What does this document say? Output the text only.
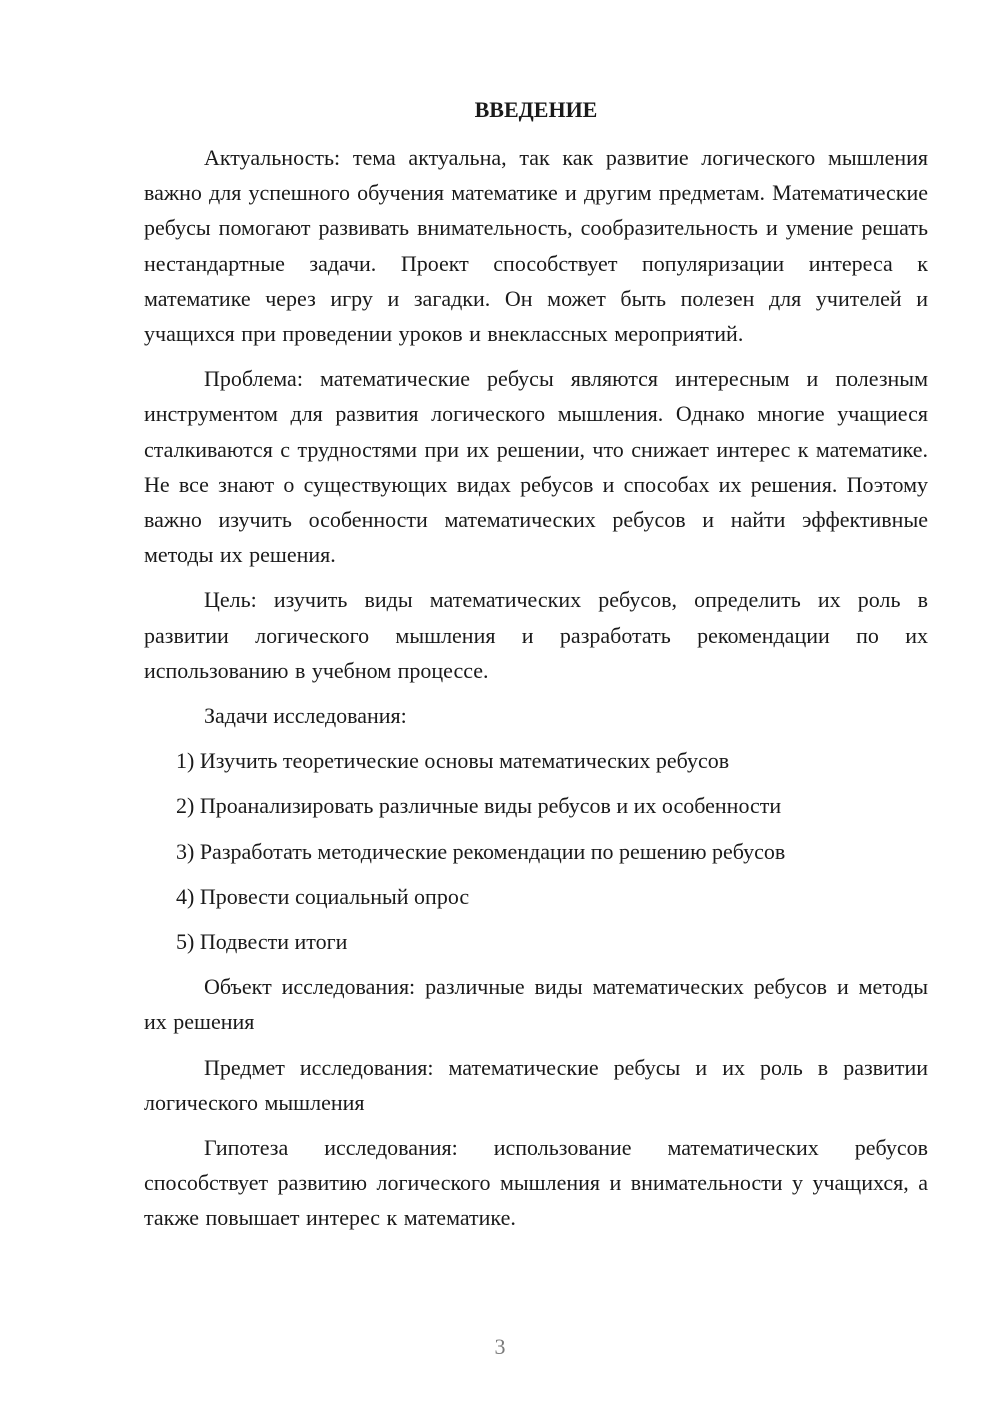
ВВЕДЕНИЕ

Актуальность: тема актуальна, так как развитие логического мышления важно для успешного обучения математике и другим предметам. Математические ребусы помогают развивать внимательность, сообразительность и умение решать нестандартные задачи. Проект способствует популяризации интереса к математике через игру и загадки. Он может быть полезен для учителей и учащихся при проведении уроков и внеклассных мероприятий.

Проблема: математические ребусы являются интересным и полезным инструментом для развития логического мышления. Однако многие учащиеся сталкиваются с трудностями при их решении, что снижает интерес к математике. Не все знают о существующих видах ребусов и способах их решения. Поэтому важно изучить особенности математических ребусов и найти эффективные методы их решения.

Цель: изучить виды математических ребусов, определить их роль в развитии логического мышления и разработать рекомендации по их использованию в учебном процессе.

Задачи исследования:

1) Изучить теоретические основы математических ребусов
2) Проанализировать различные виды ребусов и их особенности
3) Разработать методические рекомендации по решению ребусов
4) Провести социальный опрос
5) Подвести итоги

Объект исследования: различные виды математических ребусов и методы их решения

Предмет исследования: математические ребусы и их роль в развитии логического мышления

Гипотеза исследования: использование математических ребусов способствует развитию логического мышления и внимательности у учащихся, а также повышает интерес к математике.

3
